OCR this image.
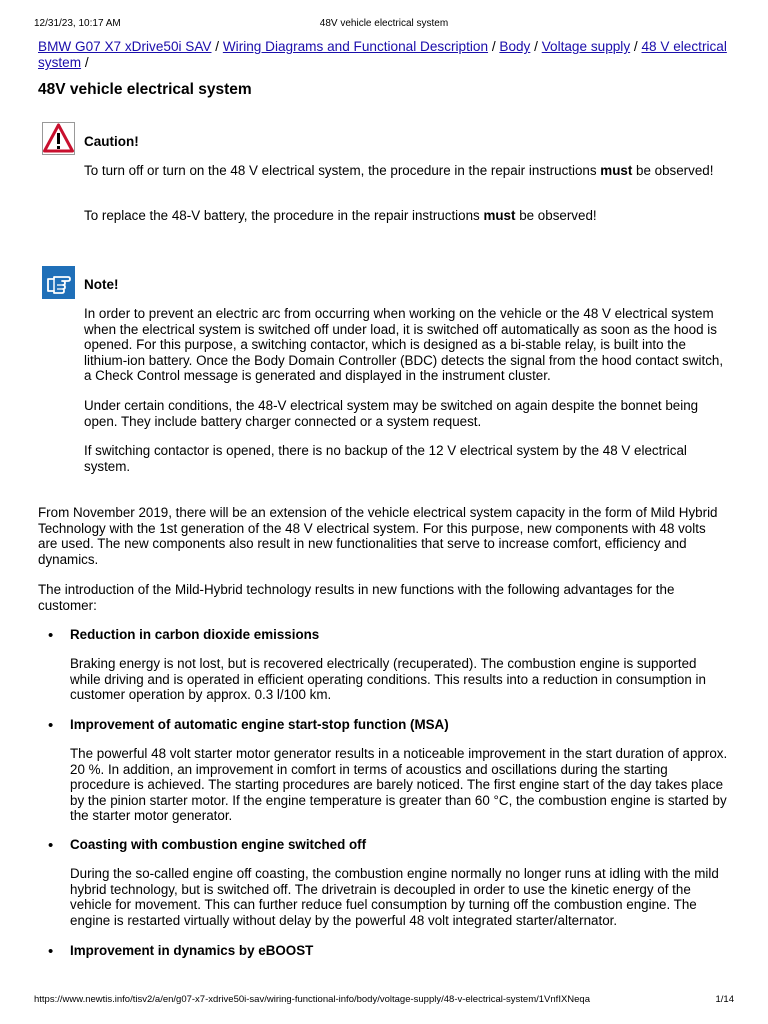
12/31/23, 10:17 AM	48V vehicle electrical system
BMW G07 X7 xDrive50i SAV / Wiring Diagrams and Functional Description / Body / Voltage supply / 48 V electrical system /
48V vehicle electrical system
Caution!
To turn off or turn on the 48 V electrical system, the procedure in the repair instructions must be observed!
To replace the 48-V battery, the procedure in the repair instructions must be observed!
Note!
In order to prevent an electric arc from occurring when working on the vehicle or the 48 V electrical system when the electrical system is switched off under load, it is switched off automatically as soon as the hood is opened. For this purpose, a switching contactor, which is designed as a bi-stable relay, is built into the lithium-ion battery. Once the Body Domain Controller (BDC) detects the signal from the hood contact switch, a Check Control message is generated and displayed in the instrument cluster.
Under certain conditions, the 48-V electrical system may be switched on again despite the bonnet being open. They include battery charger connected or a system request.
If switching contactor is opened, there is no backup of the 12 V electrical system by the 48 V electrical system.
From November 2019, there will be an extension of the vehicle electrical system capacity in the form of Mild Hybrid Technology with the 1st generation of the 48 V electrical system. For this purpose, new components with 48 volts are used. The new components also result in new functionalities that serve to increase comfort, efficiency and dynamics.
The introduction of the Mild-Hybrid technology results in new functions with the following advantages for the customer:
• Reduction in carbon dioxide emissions
Braking energy is not lost, but is recovered electrically (recuperated). The combustion engine is supported while driving and is operated in efficient operating conditions. This results into a reduction in consumption in customer operation by approx. 0.3 l/100 km.
• Improvement of automatic engine start-stop function (MSA)
The powerful 48 volt starter motor generator results in a noticeable improvement in the start duration of approx. 20 %. In addition, an improvement in comfort in terms of acoustics and oscillations during the starting procedure is achieved. The starting procedures are barely noticed. The first engine start of the day takes place by the pinion starter motor. If the engine temperature is greater than 60 °C, the combustion engine is started by the starter motor generator.
• Coasting with combustion engine switched off
During the so-called engine off coasting, the combustion engine normally no longer runs at idling with the mild hybrid technology, but is switched off. The drivetrain is decoupled in order to use the kinetic energy of the vehicle for movement. This can further reduce fuel consumption by turning off the combustion engine. The engine is restarted virtually without delay by the powerful 48 volt integrated starter/alternator.
• Improvement in dynamics by eBOOST
https://www.newtis.info/tisv2/a/en/g07-x7-xdrive50i-sav/wiring-functional-info/body/voltage-supply/48-v-electrical-system/1VnfIXNeqa	1/14
